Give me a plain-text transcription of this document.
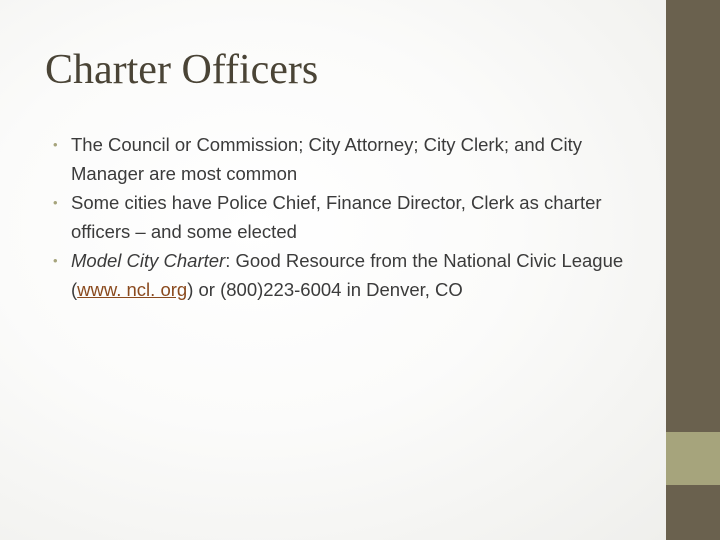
Charter Officers
• The Council or Commission; City Attorney; City Clerk; and City Manager are most common
• Some cities have Police Chief, Finance Director, Clerk as charter officers – and some elected
• Model City Charter: Good Resource from the National Civic League (www. ncl. org) or (800)223-6004 in Denver, CO
